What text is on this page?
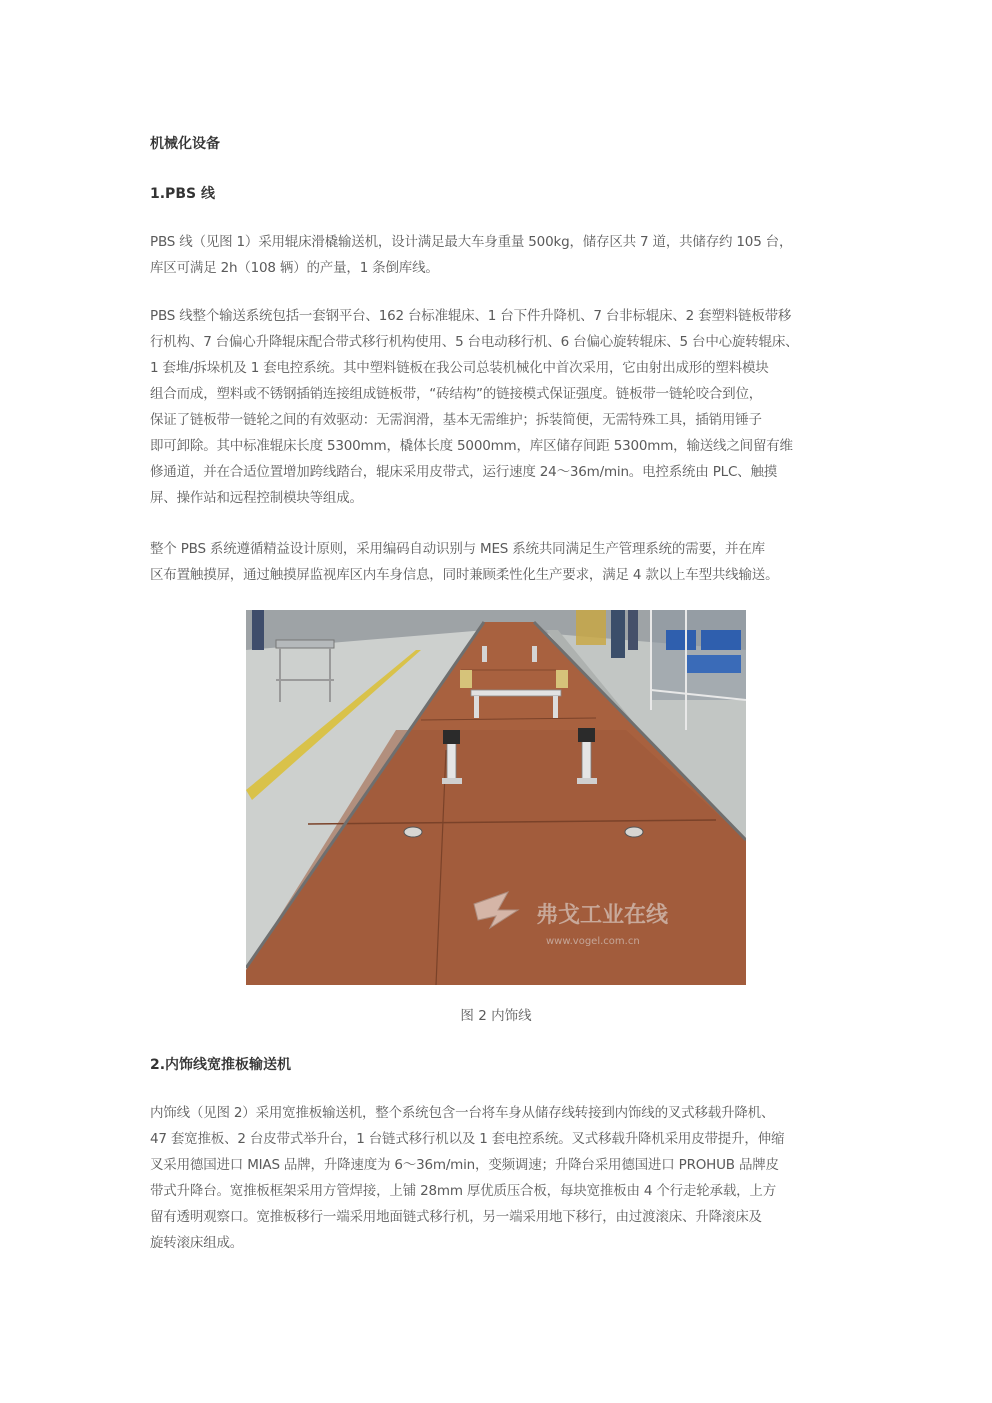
机械化设备
1.PBS 线

PBS 线（见图 1）采用辊床滑橇输送机，设计满足最大车身重量 500kg，储存区共 7 道，共储存约 105 台，
库区可满足 2h（108 辆）的产量，1 条倒库线。

PBS 线整个输送系统包括一套钢平台、162 台标准辊床、1 台下件升降机、7 台非标辊床、2 套塑料链板带移
行机构、7 台偏心升降辊床配合带式移行机构使用、5 台电动移行机、6 台偏心旋转辊床、5 台中心旋转辊床、
1 套堆/拆垛机及 1 套电控系统。其中塑料链板在我公司总装机械化中首次采用，它由射出成形的塑料模块
组合而成，塑料或不锈钢插销连接组成链板带，“砖结构”的链接模式保证强度。链板带一链轮咬合到位，
保证了链板带一链轮之间的有效驱动：无需润滑，基本无需维护；拆装简便，无需特殊工具，插销用锤子
即可卸除。其中标准辊床长度 5300mm，橇体长度 5000mm，库区储存间距 5300mm，输送线之间留有维
修通道，并在合适位置增加跨线踏台，辊床采用皮带式，运行速度 24～36m/min。电控系统由 PLC、触摸
屏、操作站和远程控制模块等组成。

整个 PBS 系统遵循精益设计原则，采用编码自动识别与 MES 系统共同满足生产管理系统的需要，并在库
区布置触摸屏，通过触摸屏监视库区内车身信息，同时兼顾柔性化生产要求，满足 4 款以上车型共线输送。

弗戈工业在线
www.vogel.com.cn
图 2 内饰线
2.内饰线宽推板输送机

内饰线（见图 2）采用宽推板输送机，整个系统包含一台将车身从储存线转接到内饰线的叉式移载升降机、
47 套宽推板、2 台皮带式举升台，1 台链式移行机以及 1 套电控系统。叉式移载升降机采用皮带提升，伸缩
叉采用德国进口 MIAS 品牌，升降速度为 6～36m/min，变频调速；升降台采用德国进口 PROHUB 品牌皮
带式升降台。宽推板框架采用方管焊接，上铺 28mm 厚优质压合板，每块宽推板由 4 个行走轮承载，上方
留有透明观察口。宽推板移行一端采用地面链式移行机，另一端采用地下移行，由过渡滚床、升降滚床及
旋转滚床组成。
